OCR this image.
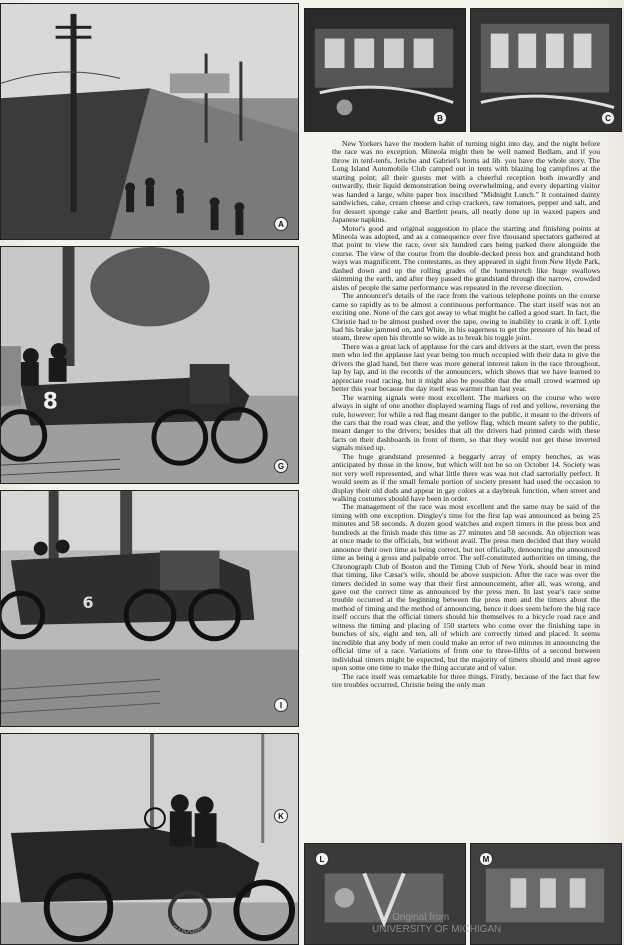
A
8
G
6
I
K
Digitized by Google
B	C

New Yorkers have the modern habit of turning night into day, and the night before the race was no exception. Mineola might then be well named Bedlam, and if you throw in tenf-tenfs, Jericho and Gabriel's horns ad lib. you have the whole story. The Long Island Automobile Club camped out in tents with blazing log campfires at the starting point; all their guests met with a cheerful reception both inwardly and outwardly, their liquid demonstration being overwhelming, and every departing visitor was handed a large, white paper box inscribed "Midnight Lunch." It contained dainty sandwiches, cake, cream cheese and crisp crackers, raw tomatoes, pepper and salt, and for dessert sponge cake and Bartlett pears, all neatly done up in waxed papers and Japanese napkins.

Motor's good and original suggestion to place the starting and finishing points at Mineola was adopted, and as a consequence over five thousand spectators gathered at that point to view the race, over six hundred cars being parked there alongside the course. The view of the course from the double-decked press box and grandstand both ways was magnificent. The contestants, as they appeared in sight from New Hyde Park, dashed down and up the rolling grades of the homestretch like huge swallows skimming the earth, and after they passed the grandstand through the narrow, crowded aisles of people the same performance was repeated in the reverse direction.

The announcer's details of the race from the various telephone points on the course came so rapidly as to be almost a continuous performance. The start itself was not an exciting one. None of the cars got away to what might be called a good start. In fact, the Christie had to be almost pushed over the tape, owing to inability to crank it off. Lytle had his brake jammed on, and White, in his eagerness to get the pressure of his head of steam, threw open his throttle so wide as to break his toggle joint.

There was a great lack of applause for the cars and drivers at the start, even the press men who led the applause last year being too much occupied with their data to give the drivers the glad hand, but there was more general interest taken in the race throughout, lap by lap, and in the records of the announcers, which shows that we have learned to appreciate road racing, but it might also be possible that the small crowd warmed up better this year because the day itself was warmer than last year.

The warning signals were most excellent. The markers on the course who were always in sight of one another displayed warning flags of red and yellow, reversing the rule, however; for while a red flag meant danger to the public, it meant to the drivers of the cars that the road was clear, and the yellow flag, which meant safety to the public, meant danger to the drivers; besides that all the drivers had printed cards with these facts on their dashboards in front of them, so that they would not get these inverted signals mixed up.

The huge grandstand presented a beggarly array of empty benches, as was anticipated by those in the know, but which will not be so on October 14. Society was not very well represented, and what little there was was not clad sartorially perfect. It would seem as if the small female portion of society present had used the occasion to display their old duds and appear in gay colors at a daybreak function, when street and walking costumes should have been in order.

The management of the race was most excellent and the same may be said of the timing with one exception. Dingley's time for the first lap was announced as being 25 minutes and 58 seconds. A dozen good watches and expert timers in the press box and hundreds at the finish made this time as 27 minutes and 58 seconds. An objection was at once made to the officials, but without avail. The press men decided that they would announce their own time as being correct, but not officially, denouncing the announced time as being a gross and palpable error. The self-constituted authorities on timing, the Chronograph Club of Boston and the Timing Club of New York, should bear in mind that timing, like Cæsar's wife, should be above suspicion. After the race was over the timers decided in some way that their first announcement, after all, was wrong, and gave out the correct time as announced by the press men. In last year's race some trouble occurred at the beginning between the press men and the timers about the method of timing and the method of announcing, hence it does seem before the big race itself occurs that the official timers should hie themselves to a bicycle road race and witness the timing and placing of 150 starters who come over the finishing tape in bunches of six, eight and ten, all of which are correctly timed and placed. It seems incredible that any body of men could make an error of two minutes in announcing the official time of a race. Variations of from one to three-fifths of a second between individual timers might be expected, but the majority of timers should and must agree upon some one time to make the thing accurate and of value.

The race itself was remarkable for three things. Firstly, because of the fact that few tire troubles occurred, Christie being the only man

L	M
Original from
UNIVERSITY OF MICHIGAN
